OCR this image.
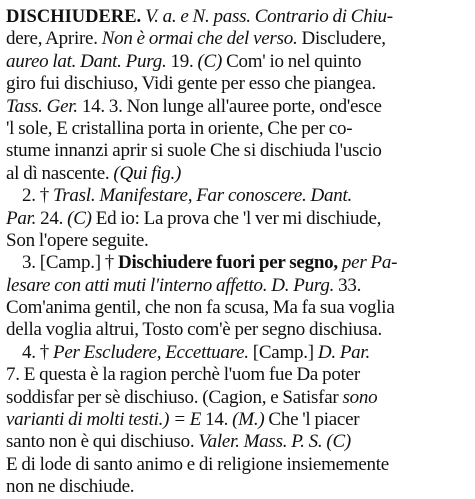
DISCHIUDERE. V. a. e N. pass. Contrario di Chiu-
dere, Aprire. Non è ormai che del verso. Discludere,
aureo lat. Dant. Purg. 19. (C) Com' io nel quinto
giro fui dischiuso, Vidi gente per esso che piangea.
Tass. Ger. 14. 3. Non lunge all'auree porte, ond'esce
'l sole, E cristallina porta in oriente, Che per co-
stume innanzi aprir si suole Che si dischiuda l'uscio
al dì nascente. (Qui fig.)
2. † Trasl. Manifestare, Far conoscere. Dant.
Par. 24. (C) Ed io: La prova che 'l ver mi dischiude,
Son l'opere seguite.
3. [Camp.] † Dischiudere fuori per segno, per Pa-
lesare con atti muti l'interno affetto. D. Purg. 33.
Com'anima gentil, che non fa scusa, Ma fa sua voglia
della voglia altrui, Tosto com'è per segno dischiusa.
4. † Per Escludere, Eccettuare. [Camp.] D. Par.
7. E questa è la ragion perchè l'uom fue Da poter
soddisfar per sè dischiuso. (Cagion, e Satisfar sono
varianti di molti testi.) = E 14. (M.) Che 'l piacer
santo non è qui dischiuso. Valer. Mass. P. S. (C)
E di lode di santo animo e di religione insiememente
non ne dischiude.
